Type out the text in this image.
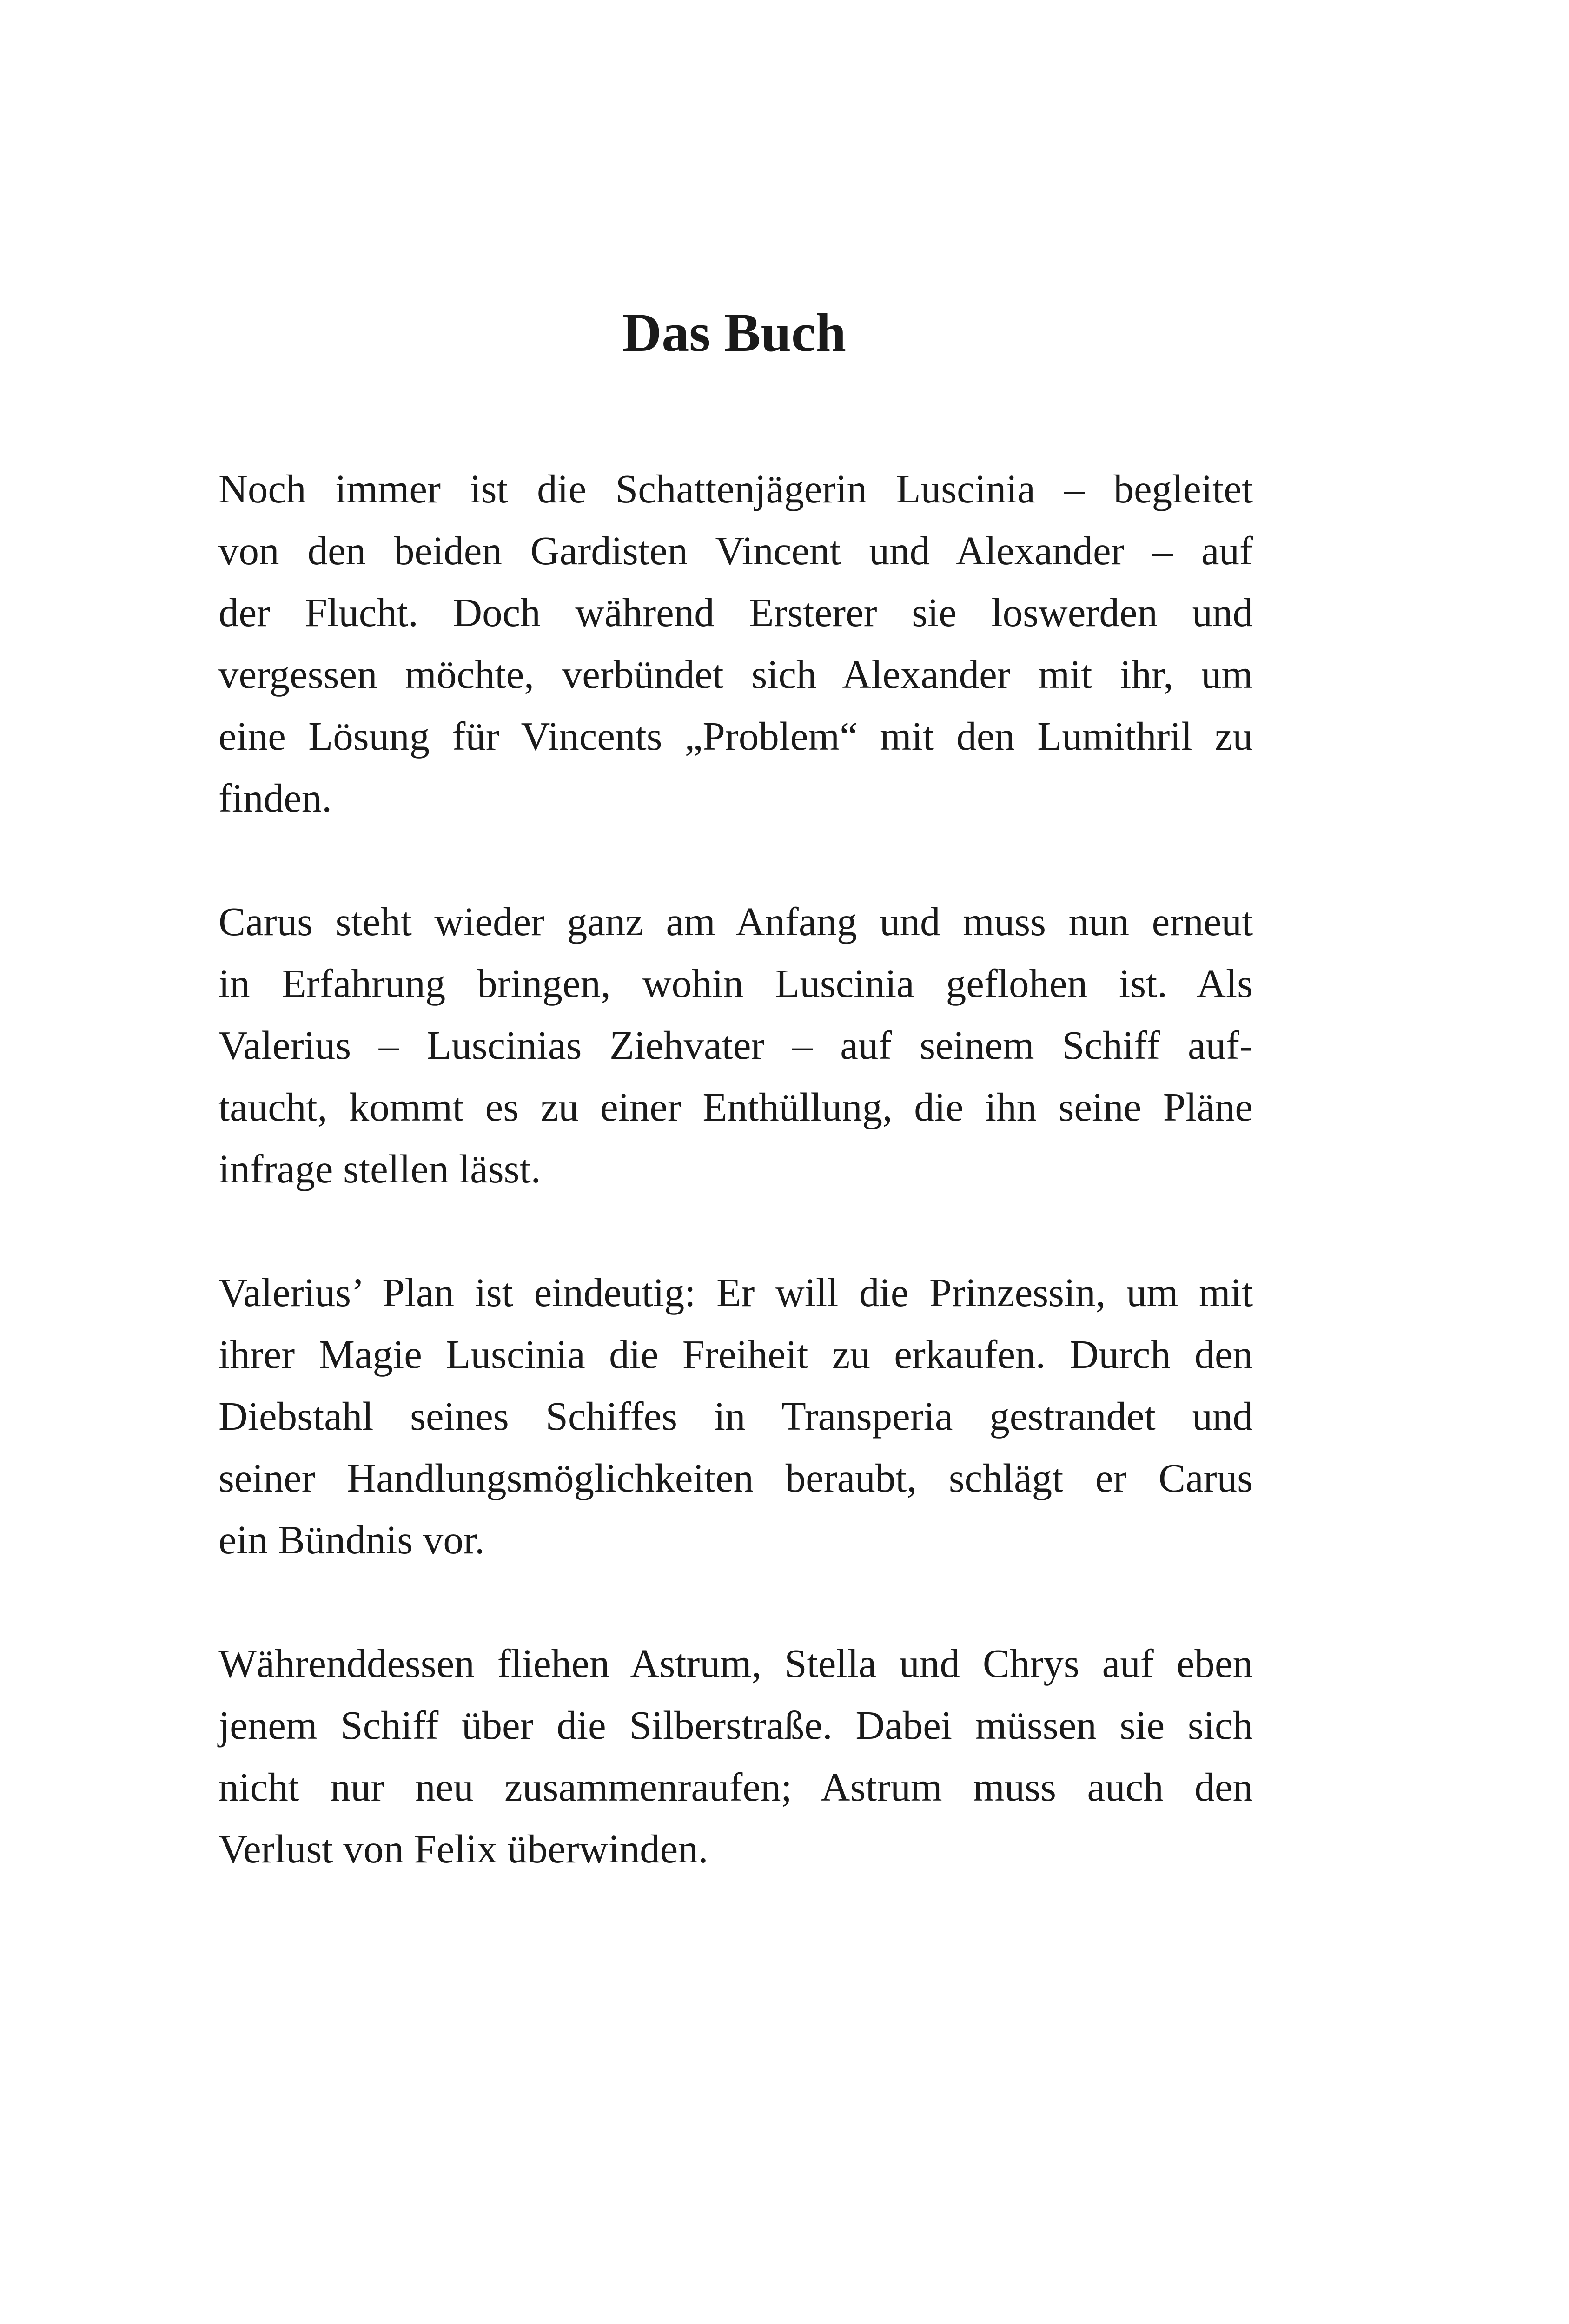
Das Buch

Noch immer ist die Schattenjägerin Luscinia – begleitet
von den beiden Gardisten Vincent und Alexander – auf
der Flucht. Doch während Ersterer sie loswerden und
vergessen möchte, verbündet sich Alexander mit ihr, um
eine Lösung für Vincents „Problem“ mit den Lumithril zu
finden.

Carus steht wieder ganz am Anfang und muss nun erneut
in Erfahrung bringen, wohin Luscinia geflohen ist. Als
Valerius – Luscinias Ziehvater – auf seinem Schiff auf-
taucht, kommt es zu einer Enthüllung, die ihn seine Pläne
infrage stellen lässt.

Valerius’ Plan ist eindeutig: Er will die Prinzessin, um mit
ihrer Magie Luscinia die Freiheit zu erkaufen. Durch den
Diebstahl seines Schiffes in Transperia gestrandet und
seiner Handlungsmöglichkeiten beraubt, schlägt er Carus
ein Bündnis vor.

Währenddessen fliehen Astrum, Stella und Chrys auf eben
jenem Schiff über die Silberstraße. Dabei müssen sie sich
nicht nur neu zusammenraufen; Astrum muss auch den
Verlust von Felix überwinden.
